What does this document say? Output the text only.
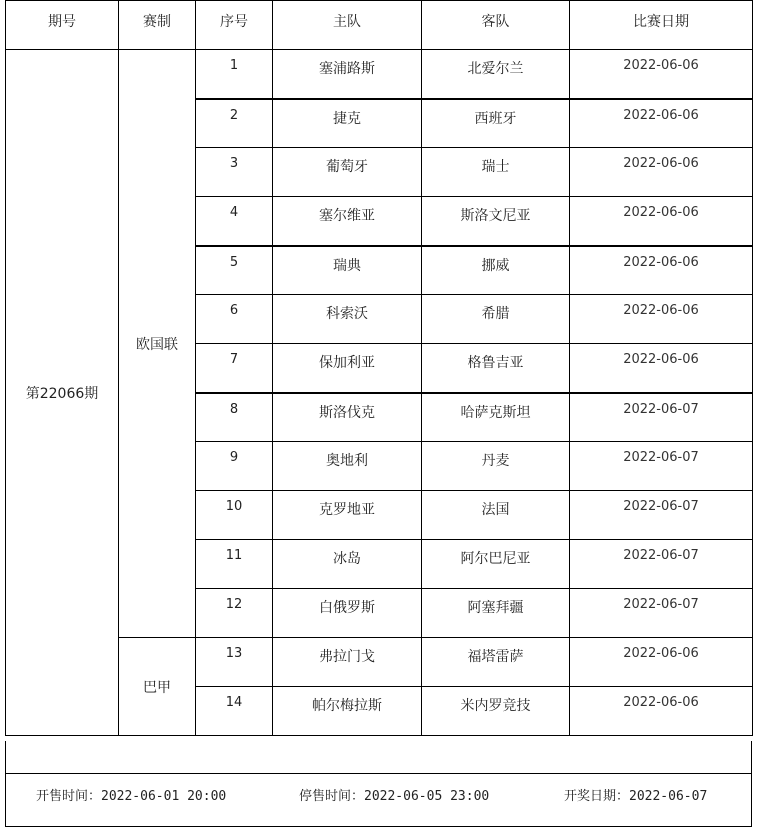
期号	赛制	序号	主队	客队	比赛日期
第22066期	欧国联	1	塞浦路斯	北爱尔兰	2022-06-06
		2	捷克	西班牙	2022-06-06
		3	葡萄牙	瑞士	2022-06-06
		4	塞尔维亚	斯洛文尼亚	2022-06-06
		5	瑞典	挪威	2022-06-06
		6	科索沃	希腊	2022-06-06
		7	保加利亚	格鲁吉亚	2022-06-06
		8	斯洛伐克	哈萨克斯坦	2022-06-07
		9	奥地利	丹麦	2022-06-07
		10	克罗地亚	法国	2022-06-07
		11	冰岛	阿尔巴尼亚	2022-06-07
		12	白俄罗斯	阿塞拜疆	2022-06-07
	巴甲	13	弗拉门戈	福塔雷萨	2022-06-06
		14	帕尔梅拉斯	米内罗竞技	2022-06-06
开售时间：2022-06-01 20:00	停售时间：2022-06-05 23:00	开奖日期：2022-06-07
